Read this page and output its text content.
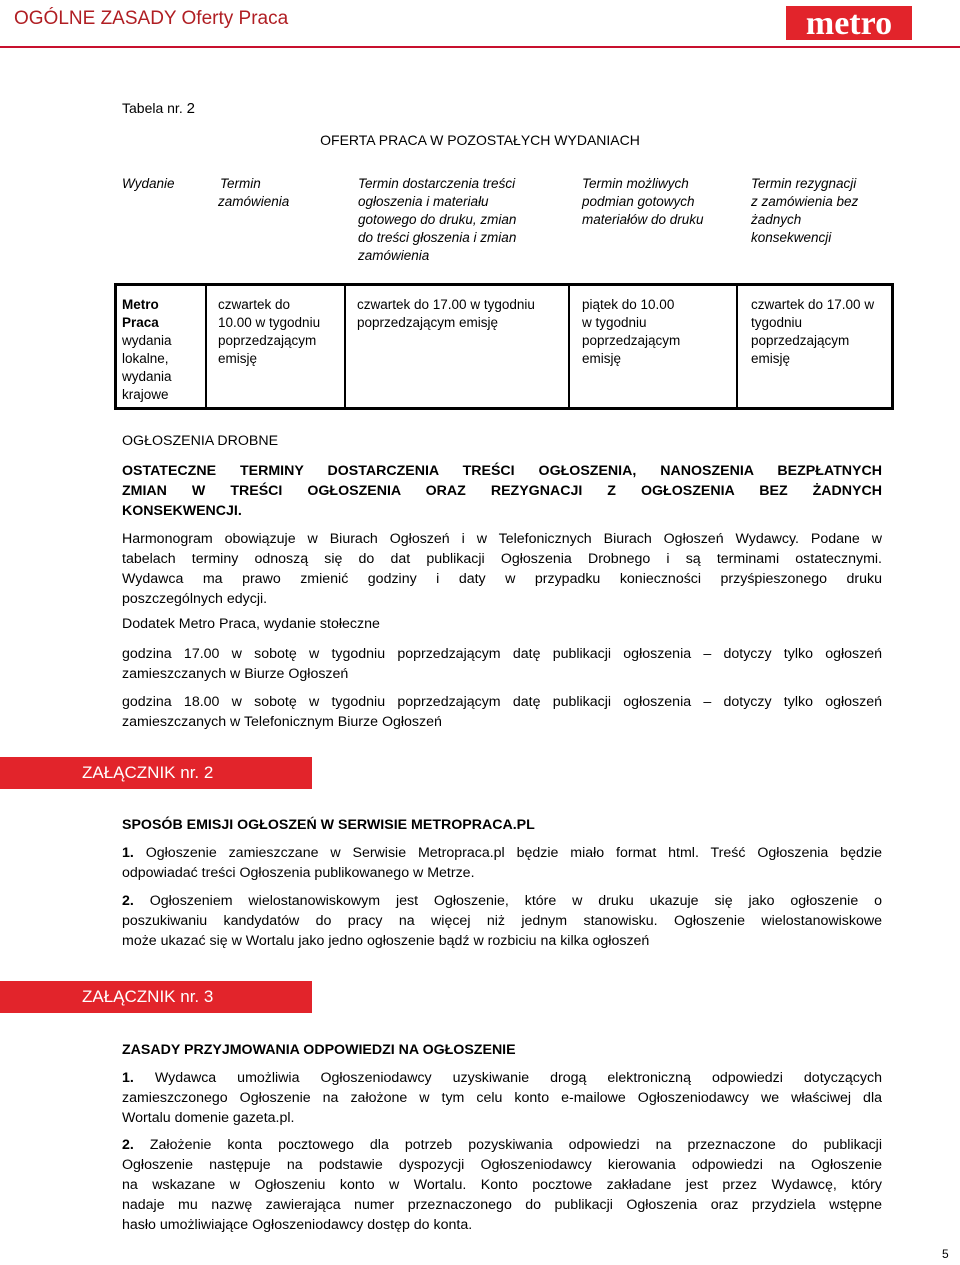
OGÓLNE ZASADY Oferty Praca	metro
Tabela nr. 2
OFERTA PRACA W POZOSTAŁYCH WYDANIACH
Wydanie	Termin
zamówienia
Termin dostarczenia treści
ogłoszenia i materiału
gotowego do druku, zmian
do treści głoszenia i zmian
zamówienia
Termin możliwych
podmian gotowych
materiałów do druku
Termin rezygnacji
z zamówienia bez
żadnych
konsekwencji
Metro
Praca
wydania
lokalne,
wydania
krajowe
czwartek do
10.00 w tygodniu
poprzedzającym
emisję
czwartek do 17.00 w tygodniu
poprzedzającym emisję
piątek do 10.00
w tygodniu
poprzedzającym
emisję
czwartek do 17.00 w
tygodniu
poprzedzającym
emisję
OGŁOSZENIA DROBNE
OSTATECZNE TERMINY DOSTARCZENIA TREŚCI OGŁOSZENIA, NANOSZENIA BEZPŁATNYCH
ZMIAN W TREŚCI OGŁOSZENIA ORAZ REZYGNACJI Z OGŁOSZENIA BEZ ŻADNYCH
KONSEKWENCJI.
Harmonogram obowiązuje w Biurach Ogłoszeń i w Telefonicznych Biurach Ogłoszeń Wydawcy. Podane w
tabelach terminy odnoszą się do dat publikacji Ogłoszenia Drobnego i są terminami ostatecznymi.
Wydawca ma prawo zmienić godziny i daty w przypadku konieczności przyśpieszonego druku
poszczególnych edycji.
Dodatek Metro Praca, wydanie stołeczne
godzina 17.00 w sobotę w tygodniu poprzedzającym datę publikacji ogłoszenia – dotyczy tylko ogłoszeń
zamieszczanych w Biurze Ogłoszeń
godzina 18.00 w sobotę w tygodniu poprzedzającym datę publikacji ogłoszenia – dotyczy tylko ogłoszeń
zamieszczanych w Telefonicznym Biurze Ogłoszeń
ZAŁĄCZNIK nr. 2
SPOSÓB EMISJI OGŁOSZEŃ W SERWISIE METROPRACA.PL
1. Ogłoszenie zamieszczane w Serwisie Metropraca.pl będzie miało format html. Treść Ogłoszenia będzie
odpowiadać treści Ogłoszenia publikowanego w Metrze.
2. Ogłoszeniem wielostanowiskowym jest Ogłoszenie, które w druku ukazuje się jako ogłoszenie o
poszukiwaniu kandydatów do pracy na więcej niż jednym stanowisku. Ogłoszenie wielostanowiskowe
może ukazać się w Wortalu jako jedno ogłoszenie bądź w rozbiciu na kilka ogłoszeń
ZAŁĄCZNIK nr. 3
ZASADY PRZYJMOWANIA ODPOWIEDZI NA OGŁOSZENIE
1. Wydawca umożliwia Ogłoszeniodawcy uzyskiwanie drogą elektroniczną odpowiedzi dotyczących
zamieszczonego Ogłoszenie na założone w tym celu konto e-mailowe Ogłoszeniodawcy we właściwej dla
Wortalu domenie gazeta.pl.
2. Założenie konta pocztowego dla potrzeb pozyskiwania odpowiedzi na przeznaczone do publikacji
Ogłoszenie następuje na podstawie dyspozycji Ogłoszeniodawcy kierowania odpowiedzi na Ogłoszenie
na wskazane w Ogłoszeniu konto w Wortalu. Konto pocztowe zakładane jest przez Wydawcę, który
nadaje mu nazwę zawierająca numer przeznaczonego do publikacji Ogłoszenia oraz przydziela wstępne
hasło umożliwiające Ogłoszeniodawcy dostęp do konta.
5
